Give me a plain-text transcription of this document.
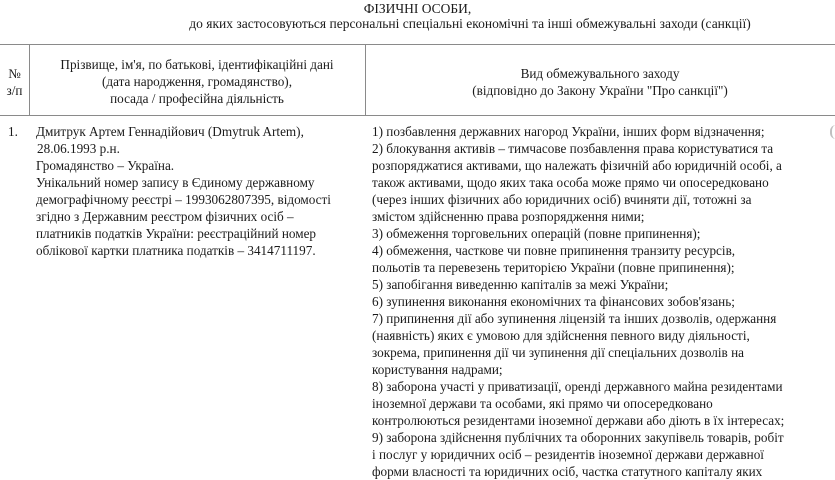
ФІЗИЧНІ ОСОБИ,
до яких застосовуються персональні спеціальні економічні та інші обмежувальні заходи (санкції)
№
з/п
Прізвище, ім'я, по батькові, ідентифікаційні дані
(дата народження, громадянство),
посада / професійна діяльність
Вид обмежувального заходу
(відповідно до Закону України "Про санкції")
1. Дмитрук Артем Геннадійович (Dmytruk Artem),
28.06.1993 р.н.
Громадянство – Україна.
Унікальний номер запису в Єдиному державному
демографічному реєстрі – 1993062807395, відомості
згідно з Державним реєстром фізичних осіб –
платників податків України: реєстраційний номер
облікової картки платника податків – 3414711197.
1) позбавлення державних нагород України, інших форм відзначення;
2) блокування активів – тимчасове позбавлення права користуватися та
розпоряджатися активами, що належать фізичній або юридичній особі, а
також активами, щодо яких така особа може прямо чи опосередковано
(через інших фізичних або юридичних осіб) вчиняти дії, тотожні за
змістом здійсненню права розпорядження ними;
3) обмеження торговельних операцій (повне припинення);
4) обмеження, часткове чи повне припинення транзиту ресурсів,
польотів та перевезень територією України (повне припинення);
5) запобігання виведенню капіталів за межі України;
6) зупинення виконання економічних та фінансових зобов'язань;
7) припинення дії або зупинення ліцензій та інших дозволів, одержання
(наявність) яких є умовою для здійснення певного виду діяльності,
зокрема, припинення дії чи зупинення дії спеціальних дозволів на
користування надрами;
8) заборона участі у приватизації, оренді державного майна резидентами
іноземної держави та особами, які прямо чи опосередковано
контролюються резидентами іноземної держави або діють в їх інтересах;
9) заборона здійснення публічних та оборонних закупівель товарів, робіт
і послуг у юридичних осіб – резидентів іноземної держави державної
форми власності та юридичних осіб, частка статутного капіталу яких
